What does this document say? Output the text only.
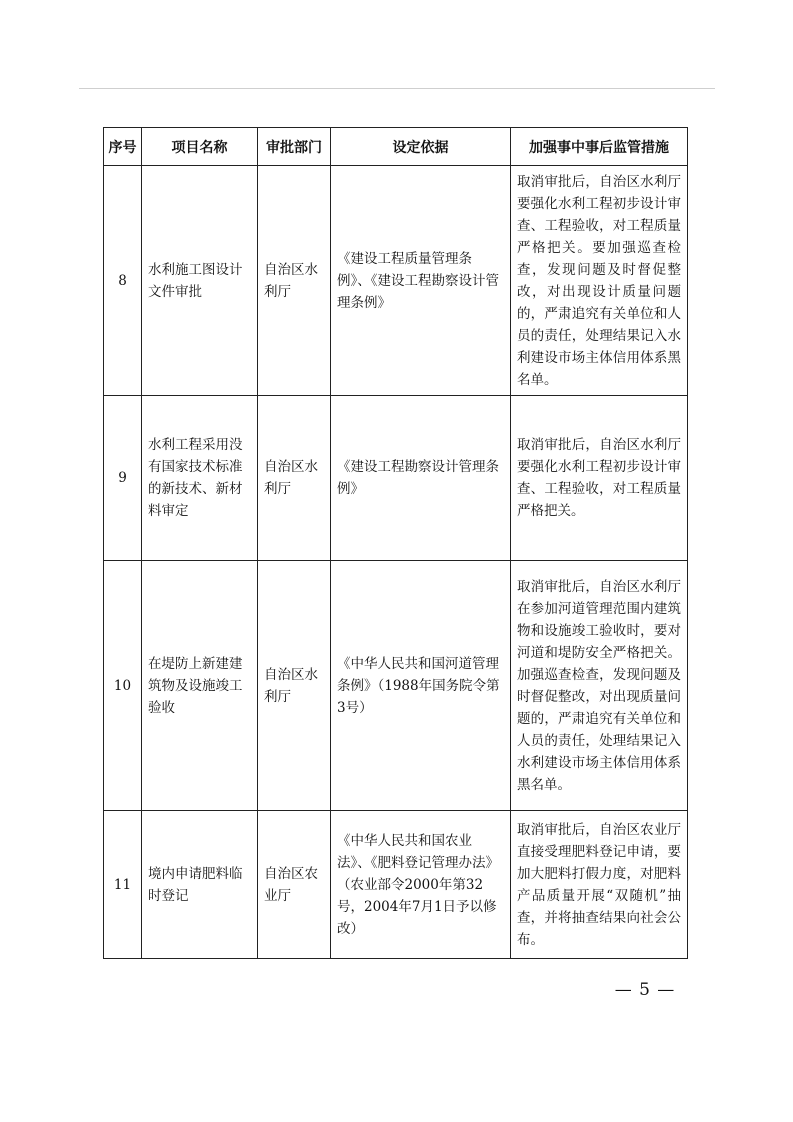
序号	项目名称	审批部门	设定依据	加强事中事后监管措施
8	水利施工图设计文件审批	自治区水利厅	《建设工程质量管理条例》、《建设工程勘察设计管理条例》	取消审批后，自治区水利厅要强化水利工程初步设计审查、工程验收，对工程质量严格把关。要加强巡查检查，发现问题及时督促整改，对出现设计质量问题的，严肃追究有关单位和人员的责任，处理结果记入水利建设市场主体信用体系黑名单。
9	水利工程采用没有国家技术标准的新技术、新材料审定	自治区水利厅	《建设工程勘察设计管理条例》	取消审批后，自治区水利厅要强化水利工程初步设计审查、工程验收，对工程质量严格把关。
10	在堤防上新建建筑物及设施竣工验收	自治区水利厅	《中华人民共和国河道管理条例》（1988年国务院令第3号）	取消审批后，自治区水利厅在参加河道管理范围内建筑物和设施竣工验收时，要对河道和堤防安全严格把关。加强巡查检查，发现问题及时督促整改，对出现质量问题的，严肃追究有关单位和人员的责任，处理结果记入水利建设市场主体信用体系黑名单。
11	境内申请肥料临时登记	自治区农业厅	《中华人民共和国农业法》、《肥料登记管理办法》（农业部令2000年第32号，2004年7月1日予以修改）	取消审批后，自治区农业厅直接受理肥料登记申请，要加大肥料打假力度，对肥料产品质量开展“双随机”抽查，并将抽查结果向社会公布。
— 5 —
